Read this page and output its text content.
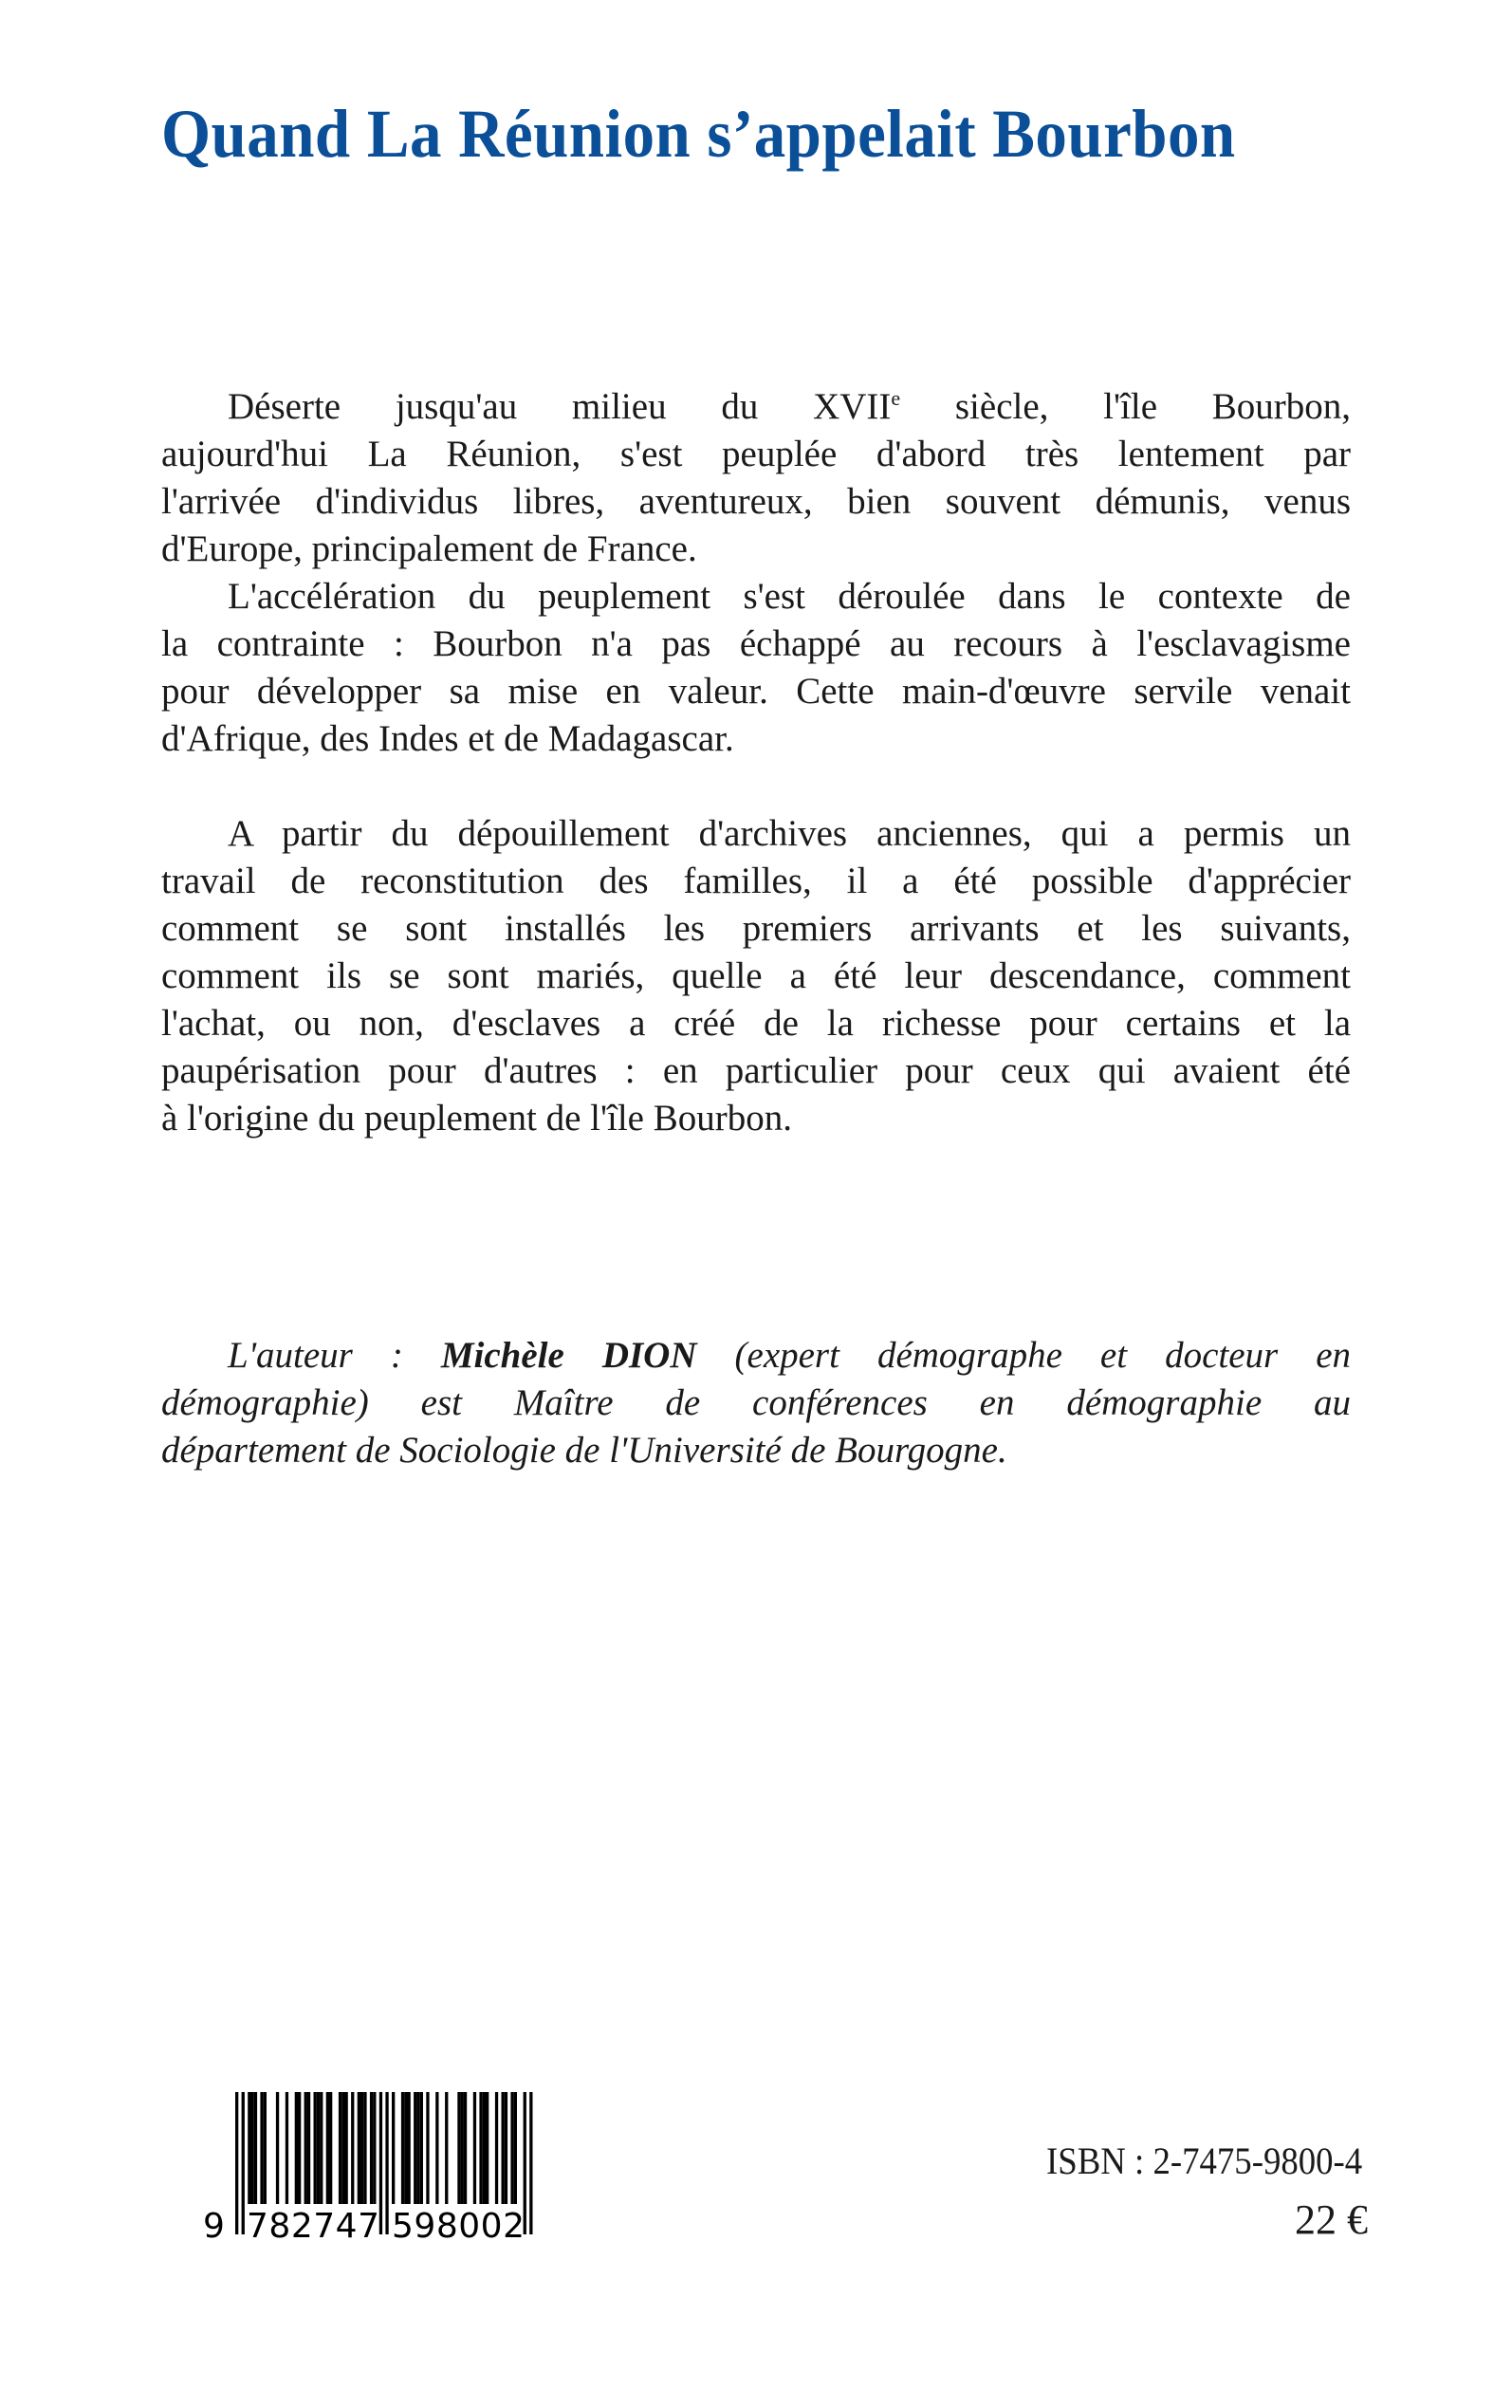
Quand La Réunion s’appelait Bourbon
Déserte jusqu'au milieu du XVIIe siècle, l'île Bourbon,
aujourd'hui La Réunion, s'est peuplée d'abord très lentement par
l'arrivée d'individus libres, aventureux, bien souvent démunis, venus
d'Europe, principalement de France.
L'accélération du peuplement s'est déroulée dans le contexte de
la contrainte : Bourbon n'a pas échappé au recours à l'esclavagisme
pour développer sa mise en valeur. Cette main-d'œuvre servile venait
d'Afrique, des Indes et de Madagascar.
A partir du dépouillement d'archives anciennes, qui a permis un
travail de reconstitution des familles, il a été possible d'apprécier
comment se sont installés les premiers arrivants et les suivants,
comment ils se sont mariés, quelle a été leur descendance, comment
l'achat, ou non, d'esclaves a créé de la richesse pour certains et la
paupérisation pour d'autres : en particulier pour ceux qui avaient été
à l'origine du peuplement de l'île Bourbon.
L'auteur : Michèle DION (expert démographe et docteur en
démographie) est Maître de conférences en démographie au
département de Sociologie de l'Université de Bourgogne.
9 782747 598002
ISBN : 2-7475-9800-4
22 €
